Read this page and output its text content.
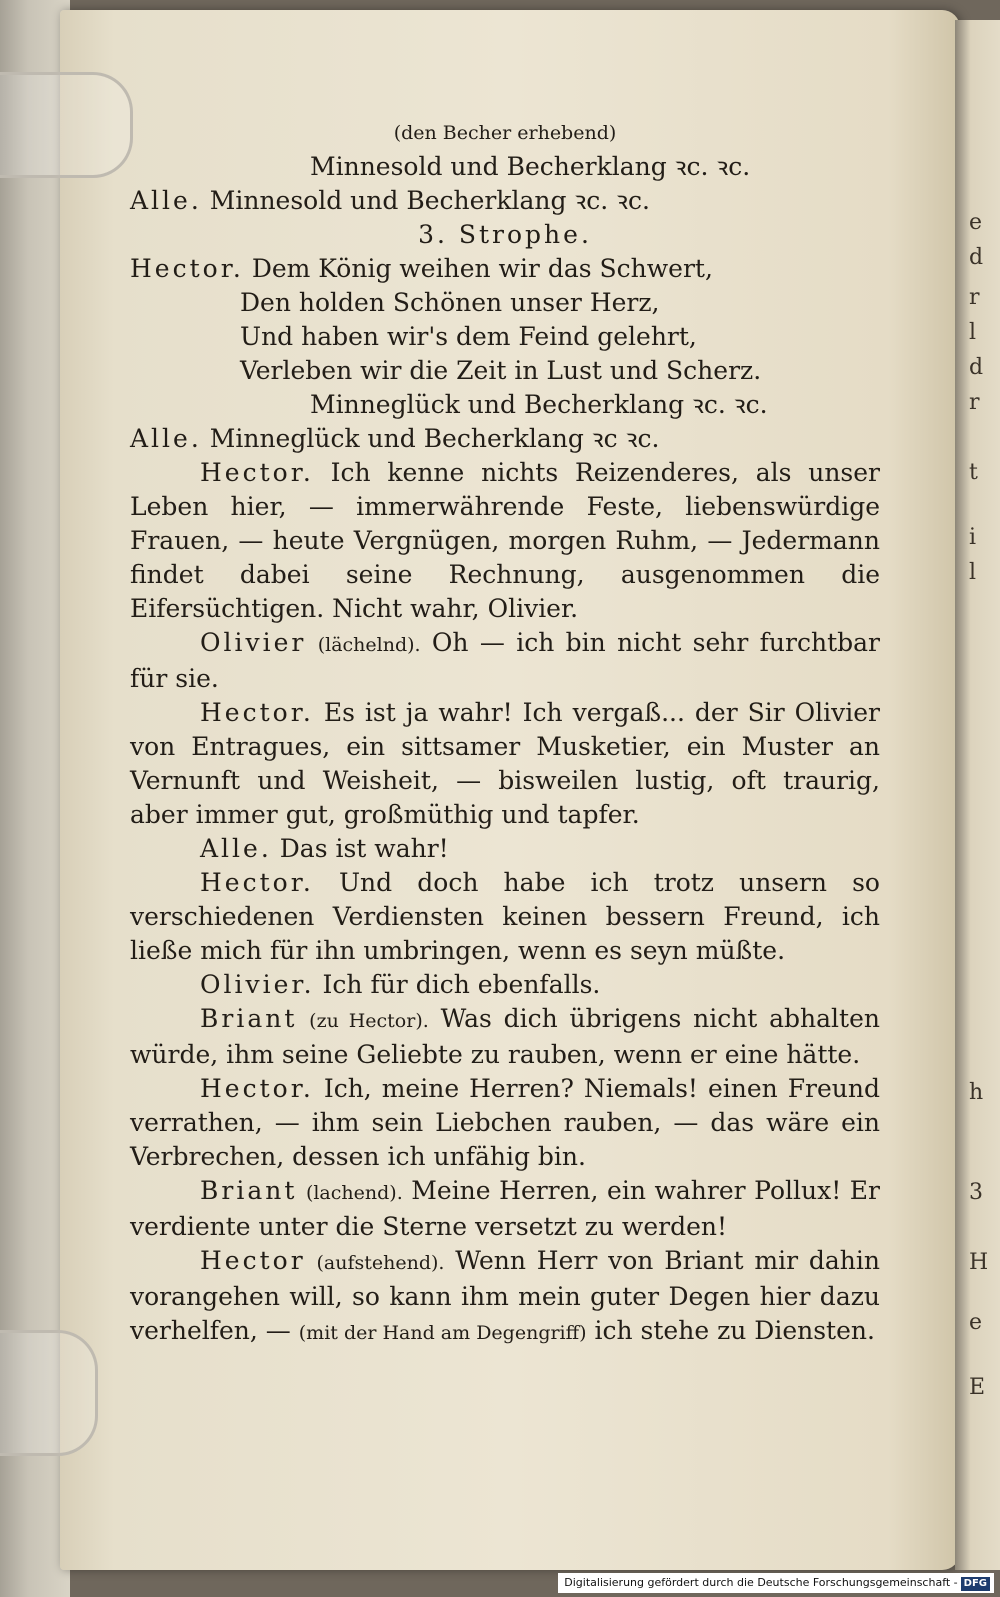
e
d
r
l
d
r
t
i
l
h
3
H
e
E
(den Becher erhebend)
Minnesold und Becherklang ꝛc. ꝛc.
Alle. Minnesold und Becherklang ꝛc. ꝛc.
3. Strophe.
Hector. Dem König weihen wir das Schwert,
Den holden Schönen unser Herz,
Und haben wir's dem Feind gelehrt,
Verleben wir die Zeit in Lust und Scherz.
Minneglück und Becherklang ꝛc. ꝛc.
Alle. Minneglück und Becherklang ꝛc ꝛc.
Hector. Ich kenne nichts Reizenderes, als unser Leben hier, — immerwährende Feste, liebenswürdige Frauen, — heute Vergnügen, morgen Ruhm, — Jedermann findet dabei seine Rechnung, ausgenommen die Eifersüchtigen. Nicht wahr, Olivier.
Olivier (lächelnd). Oh — ich bin nicht sehr furchtbar für sie.
Hector. Es ist ja wahr! Ich vergaß... der Sir Olivier von Entragues, ein sittsamer Musketier, ein Muster an Vernunft und Weisheit, — bisweilen lustig, oft traurig, aber immer gut, großmüthig und tapfer.
Alle. Das ist wahr!
Hector. Und doch habe ich trotz unsern so verschiedenen Verdiensten keinen bessern Freund, ich ließe mich für ihn umbringen, wenn es seyn müßte.
Olivier. Ich für dich ebenfalls.
Briant (zu Hector). Was dich übrigens nicht abhalten würde, ihm seine Geliebte zu rauben, wenn er eine hätte.
Hector. Ich, meine Herren? Niemals! einen Freund verrathen, — ihm sein Liebchen rauben, — das wäre ein Verbrechen, dessen ich unfähig bin.
Briant (lachend). Meine Herren, ein wahrer Pollux! Er verdiente unter die Sterne versetzt zu werden!
Hector (aufstehend). Wenn Herr von Briant mir dahin vorangehen will, so kann ihm mein guter Degen hier dazu verhelfen, — (mit der Hand am Degengriff) ich stehe zu Diensten.
Digitalisierung gefördert durch die Deutsche Forschungsgemeinschaft - DFG
